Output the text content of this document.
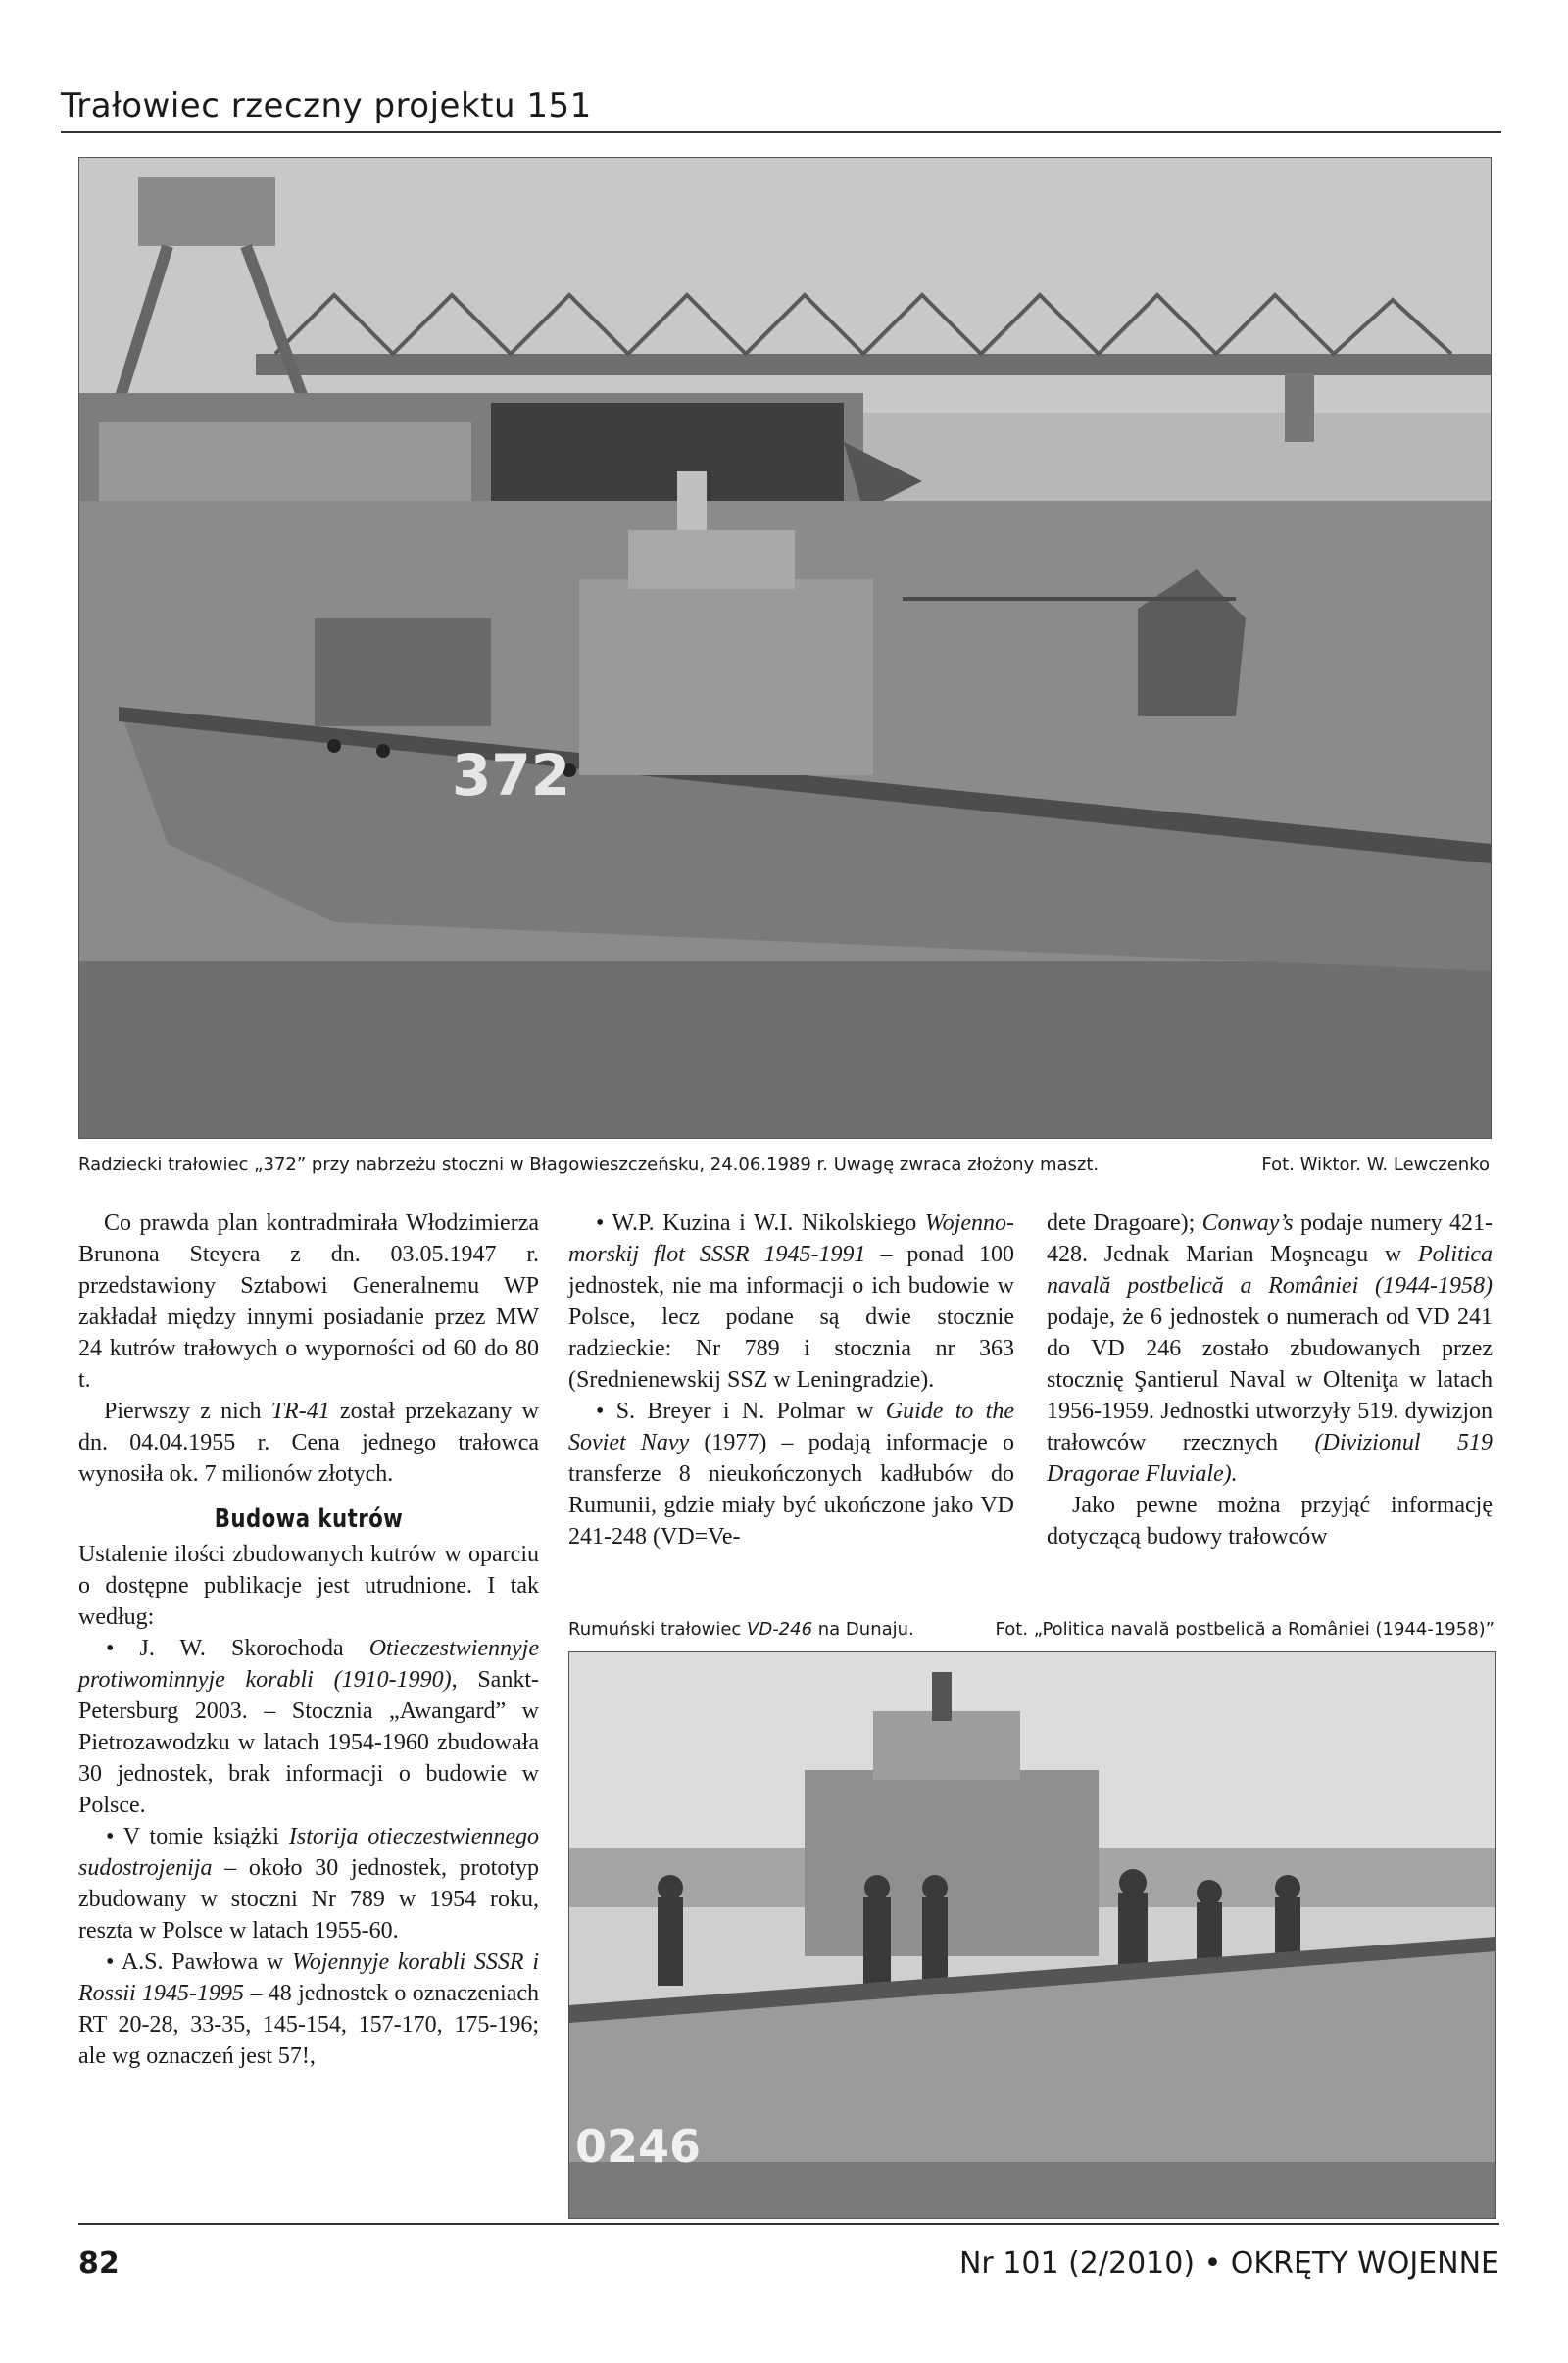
Trałowiec rzeczny projektu 151
372
Radziecki trałowiec „372” przy nabrzeżu stoczni w Błagowieszczeńsku, 24.06.1989 r. Uwagę zwraca złożony maszt.	Fot. Wiktor. W. Lewczenko

Co prawda plan kontradmirała Włodzimierza Brunona Steyera z dn. 03.05.1947 r. przedstawiony Sztabowi Generalnemu WP zakładał między innymi posiadanie przez MW 24 kutrów trałowych o wyporności od 60 do 80 t.

Pierwszy z nich TR-41 został przekazany w dn. 04.04.1955 r. Cena jednego trałowca wynosiła ok. 7 milionów złotych.

Budowa kutrów

Ustalenie ilości zbudowanych kutrów w oparciu o dostępne publikacje jest utrudnione. I tak według:

• J. W. Skorochoda Otieczestwiennyje protiwominnyje korabli (1910-1990), Sankt-Petersburg 2003. – Stocznia „Awangard” w Pietrozawodzku w latach 1954-1960 zbudowała 30 jednostek, brak informacji o budowie w Polsce.

• V tomie książki Istorija otieczestwiennego sudostrojenija – około 30 jednostek, prototyp zbudowany w stoczni Nr 789 w 1954 roku, reszta w Polsce w latach 1955-60.

• A.S. Pawłowa w Wojennyje korabli SSSR i Rossii 1945-1995 – 48 jednostek o oznaczeniach RT 20-28, 33-35, 145-154, 157-170, 175-196; ale wg oznaczeń jest 57!,

• W.P. Kuzina i W.I. Nikolskiego Wojenno-morskij flot SSSR 1945-1991 – ponad 100 jednostek, nie ma informacji o ich budowie w Polsce, lecz podane są dwie stocznie radzieckie: Nr 789 i stocznia nr 363 (Srednienewskij SSZ w Leningradzie).

• S. Breyer i N. Polmar w Guide to the Soviet Navy (1977) – podają informacje o transferze 8 nieukończonych kadłubów do Rumunii, gdzie miały być ukończone jako VD 241-248 (VD=Ve-

dete Dragoare); Conway’s podaje numery 421-428. Jednak Marian Moşneagu w Politica navală postbelică a României (1944-1958) podaje, że 6 jednostek o numerach od VD 241 do VD 246 zostało zbudowanych przez stocznię Şantierul Naval w Olteniţa w latach 1956-1959. Jednostki utworzyły 519. dywizjon trałowców rzecznych (Divizionul 519 Dragorae Fluviale).

Jako pewne można przyjąć informację dotyczącą budowy trałowców

Rumuński trałowiec VD-246 na Dunaju.	Fot. „Politica navală postbelică a României (1944-1958)”
0246
82	Nr 101 (2/2010) • OKRĘTY WOJENNE
